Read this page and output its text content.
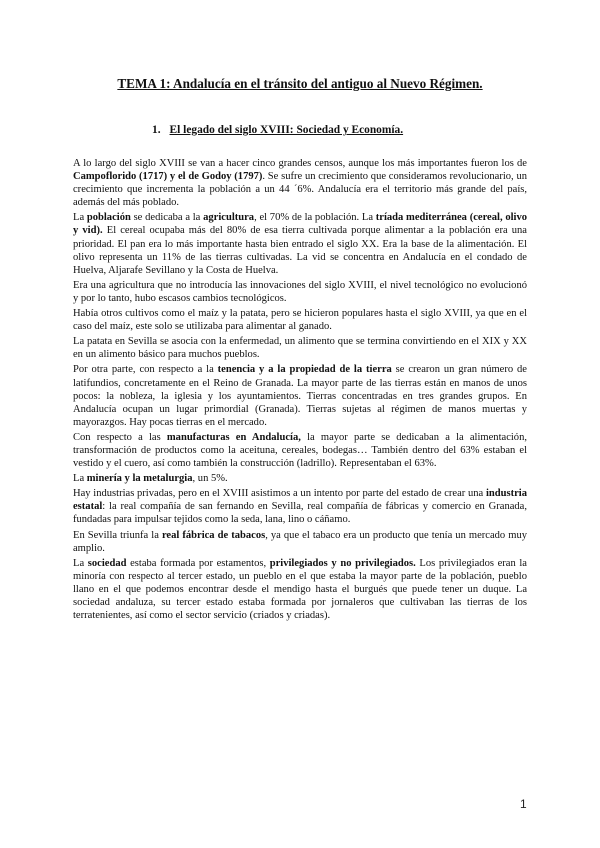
TEMA 1: Andalucía en el tránsito del antiguo al Nuevo Régimen.
1. El legado del siglo XVIII: Sociedad y Economía.

A lo largo del siglo XVIII se van a hacer cinco grandes censos, aunque los más importantes fueron los de Campoflorido (1717) y el de Godoy (1797). Se sufre un crecimiento que consideramos revolucionario, un crecimiento que incrementa la población a un 44 ´6%. Andalucía era el territorio más grande del país, además del más poblado.

La población se dedicaba a la agricultura, el 70% de la población. La tríada mediterránea (cereal, olivo y vid). El cereal ocupaba más del 80% de esa tierra cultivada porque alimentar a la población era una prioridad. El pan era lo más importante hasta bien entrado el siglo XX. Era la base de la alimentación. El olivo representa un 11% de las tierras cultivadas. La vid se concentra en Andalucía en el condado de Huelva, Aljarafe Sevillano y la Costa de Huelva.

Era una agricultura que no introducía las innovaciones del siglo XVIII, el nivel tecnológico no evolucionó y por lo tanto, hubo escasos cambios tecnológicos.

Había otros cultivos como el maíz y la patata, pero se hicieron populares hasta el siglo XVIII, ya que en el caso del maíz, este solo se utilizaba para alimentar al ganado.

La patata en Sevilla se asocia con la enfermedad, un alimento que se termina convirtiendo en el XIX y XX en un alimento básico para muchos pueblos.

Por otra parte, con respecto a la tenencia y a la propiedad de la tierra se crearon un gran número de latifundios, concretamente en el Reino de Granada. La mayor parte de las tierras están en manos de unos pocos: la nobleza, la iglesia y los ayuntamientos. Tierras concentradas en tres grandes grupos. En Andalucía ocupan un lugar primordial (Granada). Tierras sujetas al régimen de manos muertas y mayorazgos. Hay pocas tierras en el mercado.

Con respecto a las manufacturas en Andalucía, la mayor parte se dedicaban a la alimentación, transformación de productos como la aceituna, cereales, bodegas… También dentro del 63% estaban el vestido y el cuero, así como también la construcción (ladrillo). Representaban el 63%.

La minería y la metalurgia, un 5%.

Hay industrias privadas, pero en el XVIII asistimos a un intento por parte del estado de crear una industria estatal: la real compañía de san fernando en Sevilla, real compañía de fábricas y comercio en Granada, fundadas para impulsar tejidos como la seda, lana, lino o cáñamo.

En Sevilla triunfa la real fábrica de tabacos, ya que el tabaco era un producto que tenía un mercado muy amplio.

La sociedad estaba formada por estamentos, privilegiados y no privilegiados. Los privilegiados eran la minoría con respecto al tercer estado, un pueblo en el que estaba la mayor parte de la población, pueblo llano en el que podemos encontrar desde el mendigo hasta el burgués que puede tener un duque. La sociedad andaluza, su tercer estado estaba formada por jornaleros que cultivaban las tierras de los terratenientes, así como el sector servicio (criados y criadas).

1
